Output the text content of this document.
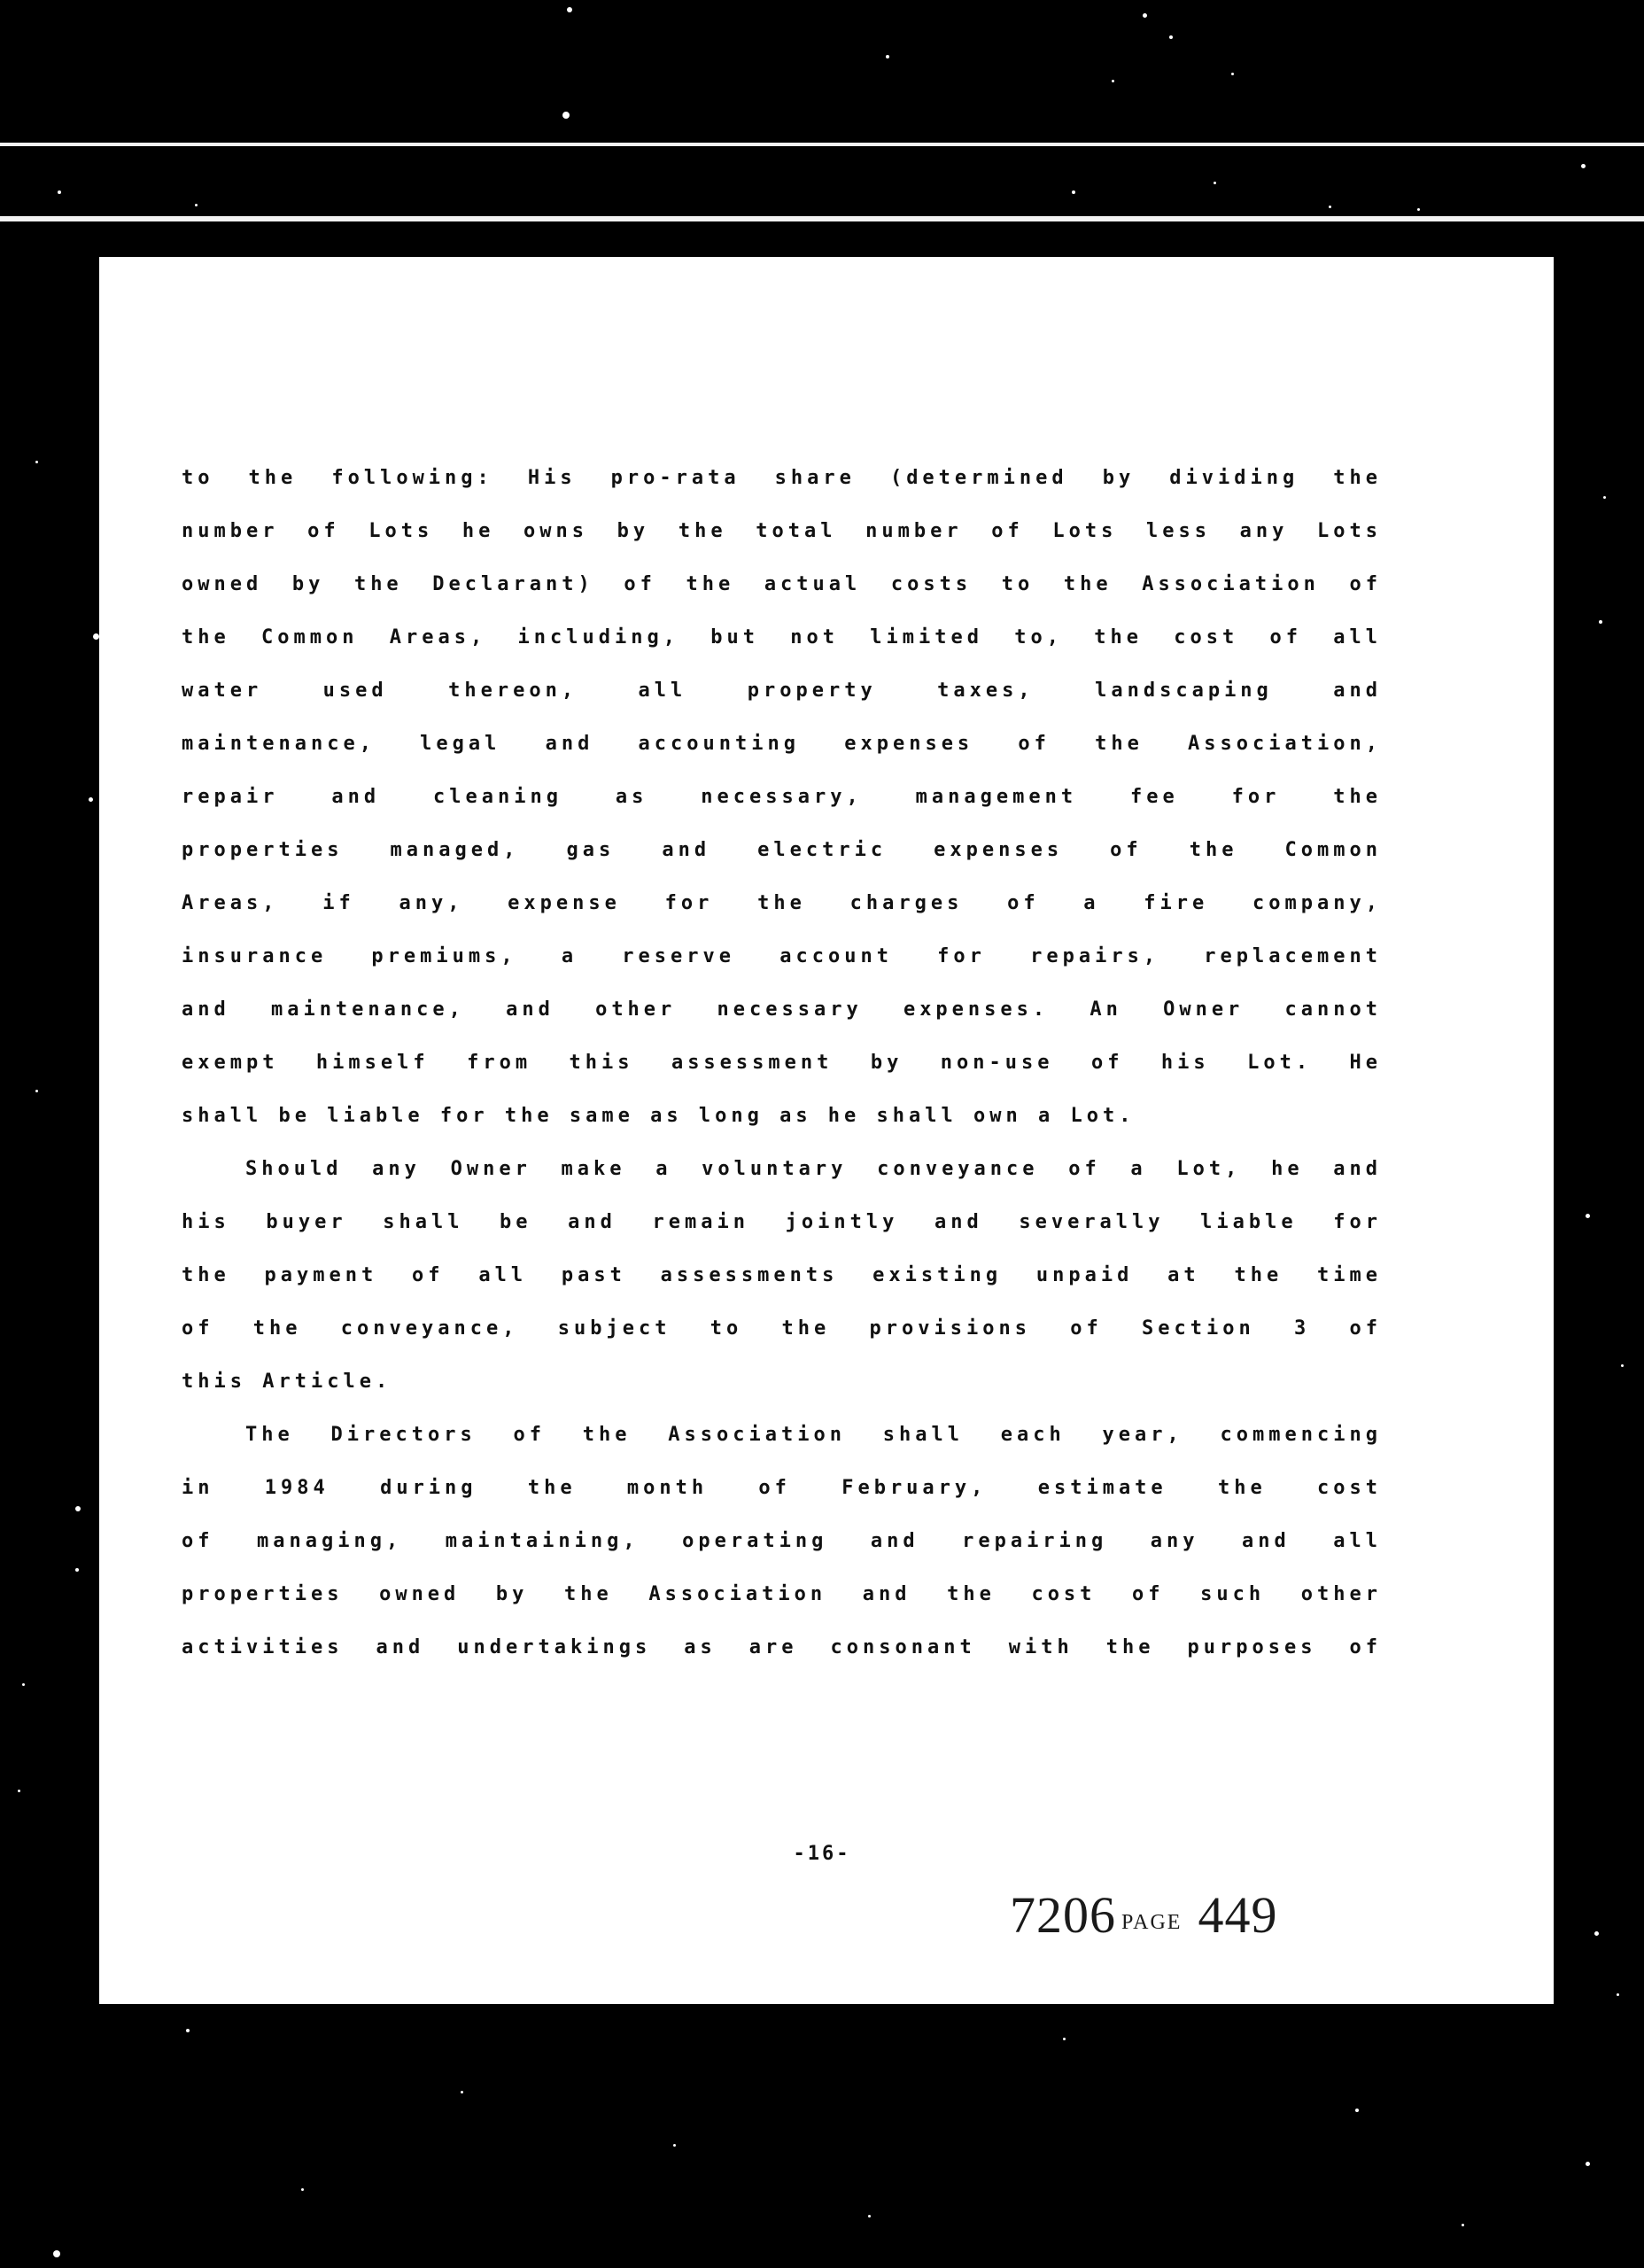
to the following: His pro-rata share (determined by dividing the
number of Lots he owns by the total number of Lots less any Lots
owned by the Declarant) of the actual costs to the Association of
the Common Areas, including, but not limited to, the cost of all
water used thereon, all property taxes, landscaping and
maintenance, legal and accounting expenses of the Association,
repair and cleaning as necessary, management fee for the
properties managed, gas and electric expenses of the Common
Areas, if any, expense for the charges of a fire company,
insurance premiums, a reserve account for repairs, replacement
and maintenance, and other necessary expenses. An Owner cannot
exempt himself from this assessment by non-use of his Lot. He
shall be liable for the same as long as he shall own a Lot.
Should any Owner make a voluntary conveyance of a Lot, he and
his buyer shall be and remain jointly and severally liable for
the payment of all past assessments existing unpaid at the time
of the conveyance, subject to the provisions of Section 3 of
this Article.
The Directors of the Association shall each year, commencing
in 1984 during the month of February, estimate the cost
of managing, maintaining, operating and repairing any and all
properties owned by the Association and the cost of such other
activities and undertakings as are consonant with the purposes of
-16-
7206 PAGE 449
